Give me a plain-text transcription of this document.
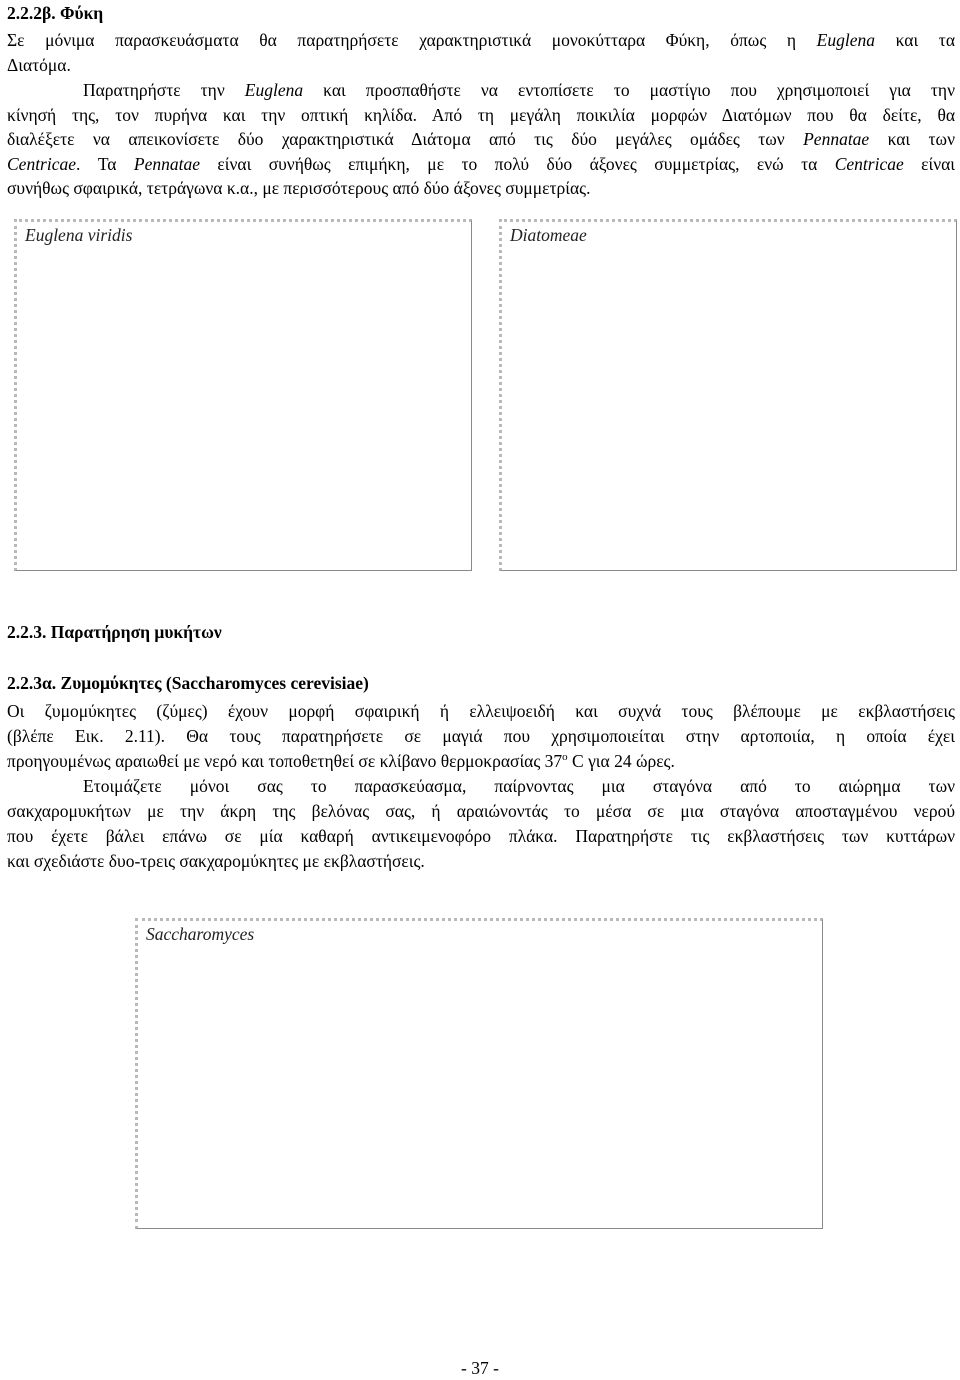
2.2.2β. Φύκη

Σε μόνιμα παρασκευάσματα θα παρατηρήσετε χαρακτηριστικά μονοκύτταρα Φύκη, όπως η Euglena και τα

Διατόμα.

Παρατηρήστε την Euglena και προσπαθήστε να εντοπίσετε το μαστίγιο που χρησιμοποιεί για την

κίνησή της, τον πυρήνα και την οπτική κηλίδα. Από τη μεγάλη ποικιλία μορφών Διατόμων που θα δείτε, θα

διαλέξετε να απεικονίσετε δύο χαρακτηριστικά Διάτομα από τις δύο μεγάλες ομάδες των Pennatae και των

Centricae. Τα Pennatae είναι συνήθως επιμήκη, με το πολύ δύο άξονες συμμετρίας, ενώ τα Centricae είναι

συνήθως σφαιρικά, τετράγωνα κ.α., με περισσότερους από δύο άξονες συμμετρίας.

Euglena viridis	Diatomeae

2.2.3. Παρατήρηση μυκήτων

2.2.3α. Ζυμομύκητες (Saccharomyces cerevisiae)

Οι ζυμομύκητες (ζύμες) έχουν μορφή σφαιρική ή ελλειψοειδή και συχνά τους βλέπουμε με εκβλαστήσεις

(βλέπε Εικ. 2.11). Θα τους παρατηρήσετε σε μαγιά που χρησιμοποιείται στην αρτοποιία, η οποία έχει

προηγουμένως αραιωθεί με νερό και τοποθετηθεί σε κλίβανο θερμοκρασίας $37^o$ C για 24 ώρες.

Ετοιμάζετε μόνοι σας το παρασκεύασμα, παίρνοντας μια σταγόνα από το αιώρημα των

σακχαρομυκήτων με την άκρη της βελόνας σας, ή αραιώνοντάς το μέσα σε μια σταγόνα αποσταγμένου νερού

που έχετε βάλει επάνω σε μία καθαρή αντικειμενοφόρο πλάκα. Παρατηρήστε τις εκβλαστήσεις των κυττάρων

και σχεδιάστε δυο-τρεις σακχαρομύκητες με εκβλαστήσεις.

Saccharomyces
- 37 -
